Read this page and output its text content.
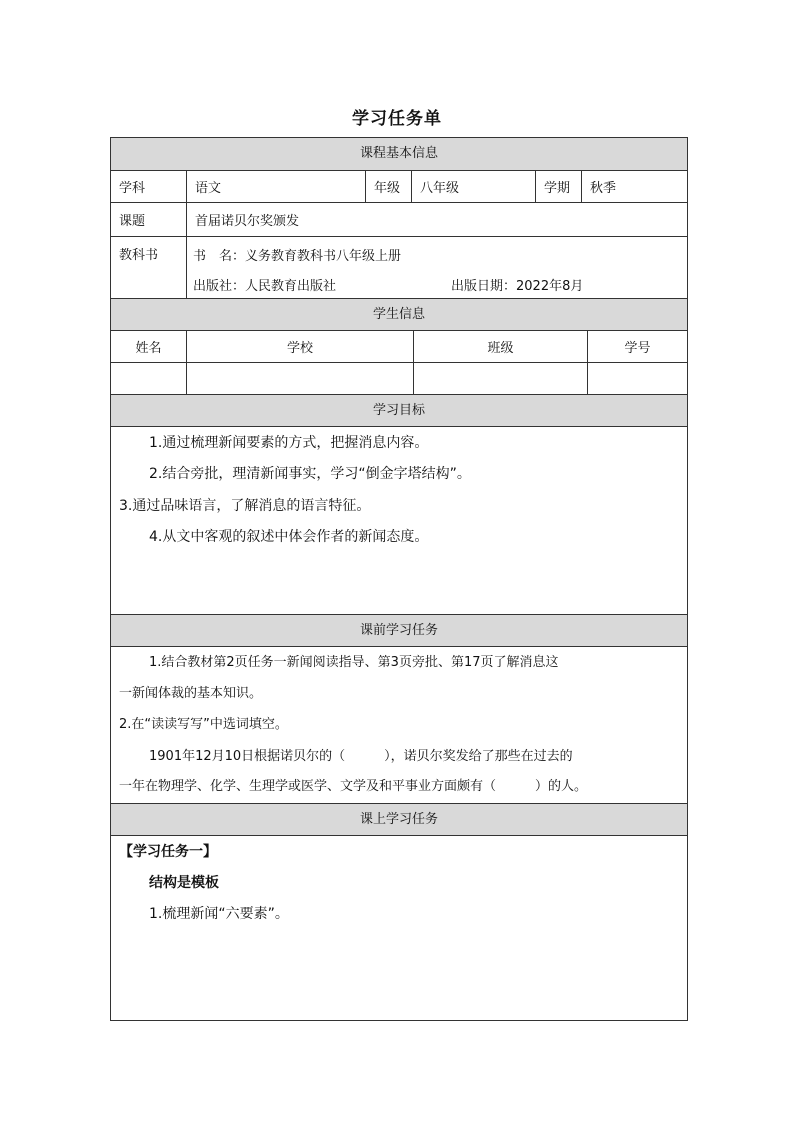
学习任务单
课程基本信息
学科	语文	年级	八年级	学期	秋季
课题	首届诺贝尔奖颁发
教科书	书　名：义务教育教科书八年级上册
出版社：人民教育出版社	出版日期：2022年8月
学生信息
姓名	学校	班级	学号
学习目标
1.通过梳理新闻要素的方式，把握消息内容。
2.结合旁批，理清新闻事实，学习“倒金字塔结构”。
3.通过品味语言，了解消息的语言特征。
4.从文中客观的叙述中体会作者的新闻态度。
课前学习任务
1.结合教材第2页任务一新闻阅读指导、第3页旁批、第17页了解消息这
一新闻体裁的基本知识。
2.在“读读写写”中选词填空。
1901年12月10日根据诺贝尔的（　　　），诺贝尔奖发给了那些在过去的
一年在物理学、化学、生理学或医学、文学及和平事业方面颇有（　　　）的人。
课上学习任务
【学习任务一】
结构是模板
1.梳理新闻“六要素”。
